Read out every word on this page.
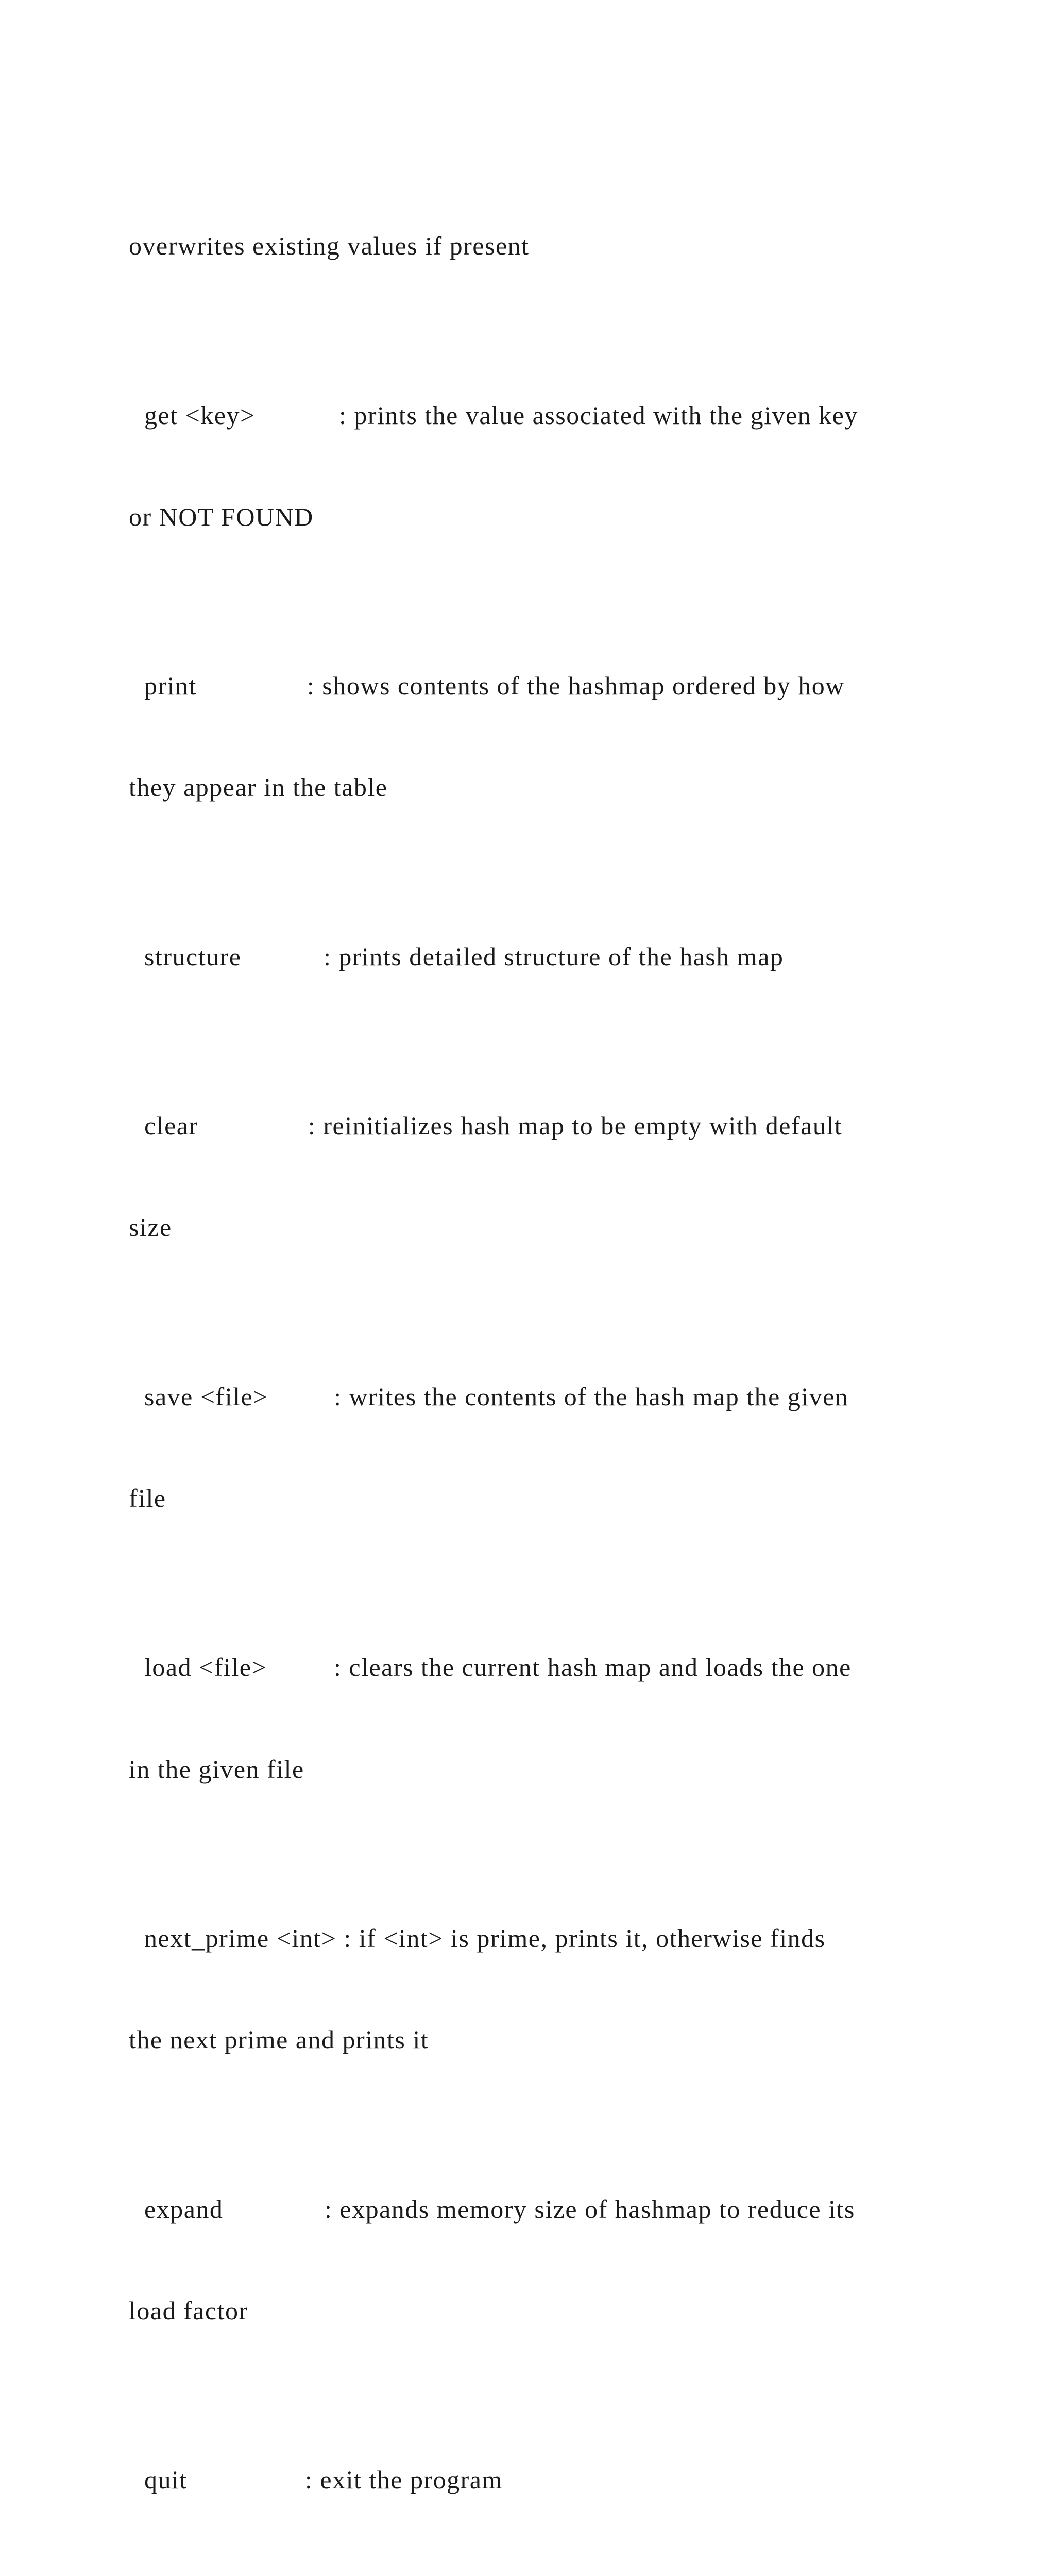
overwrites existing values if present

get <key>	: prints the value associated with the given key

or NOT FOUND

print	: shows contents of the hashmap ordered by how

they appear in the table

structure	: prints detailed structure of the hash map

clear	: reinitializes hash map to be empty with default

size

save <file>	: writes the contents of the hash map the given

file

load <file>	: clears the current hash map and loads the one

in the given file

next_prime <int> : if <int> is prime, prints it, otherwise finds

the next prime and prints it

expand	: expands memory size of hashmap to reduce its

load factor

quit	: exit the program
